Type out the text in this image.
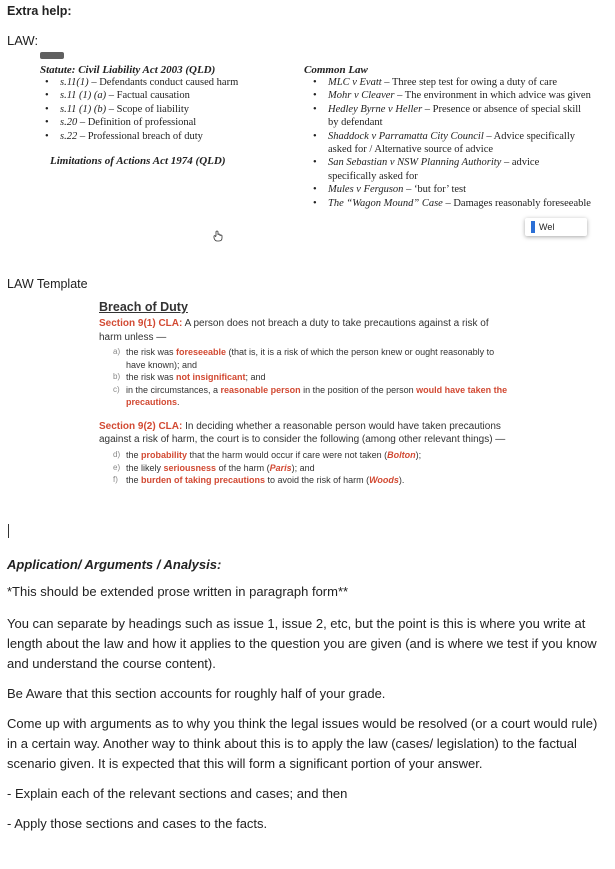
Extra help:
LAW:
Statute: Civil Liability Act 2003 (QLD)
• s.11(1) – Defendants conduct caused harm
• s.11 (1) (a) – Factual causation
• s.11 (1) (b) – Scope of liability
• s.20 – Definition of professional
• s.22 – Professional breach of duty
Limitations of Actions Act 1974 (QLD)
Common Law
• MLC v Evatt – Three step test for owing a duty of care
• Mohr v Cleaver – The environment in which advice was given
• Hedley Byrne v Heller – Presence or absence of special skill by defendant
• Shaddock v Parramatta City Council – Advice specifically asked for / Alternative source of advice
• San Sebastian v NSW Planning Authority – advice specifically asked for
• Mules v Ferguson – ‘but for’ test
• The “Wagon Mound” Case – Damages reasonably foreseeable
Wel
LAW Template
Breach of Duty

Section 9(1) CLA: A person does not breach a duty to take precautions against a risk of harm unless —

a) the risk was foreseeable (that is, it is a risk of which the person knew or ought reasonably to have known); and
b) the risk was not insignificant; and
c) in the circumstances, a reasonable person in the position of the person would have taken the precautions.

Section 9(2) CLA: In deciding whether a reasonable person would have taken precautions against a risk of harm, the court is to consider the following (among other relevant things) —

d) the probability that the harm would occur if care were not taken (Bolton);
e) the likely seriousness of the harm (Paris); and
f) the burden of taking precautions to avoid the risk of harm (Woods).
Application/ Arguments / Analysis:

*This should be extended prose written in paragraph form**

You can separate by headings such as issue 1, issue 2, etc, but the point is this is where you write at length about the law and how it applies to the question you are given (and is where we test if you know and understand the course content).

Be Aware that this section accounts for roughly half of your grade.

Come up with arguments as to why you think the legal issues would be resolved (or a court would rule) in a certain way. Another way to think about this is to apply the law (cases/ legislation) to the factual scenario given. It is expected that this will form a significant portion of your answer.

- Explain each of the relevant sections and cases; and then

- Apply those sections and cases to the facts.
